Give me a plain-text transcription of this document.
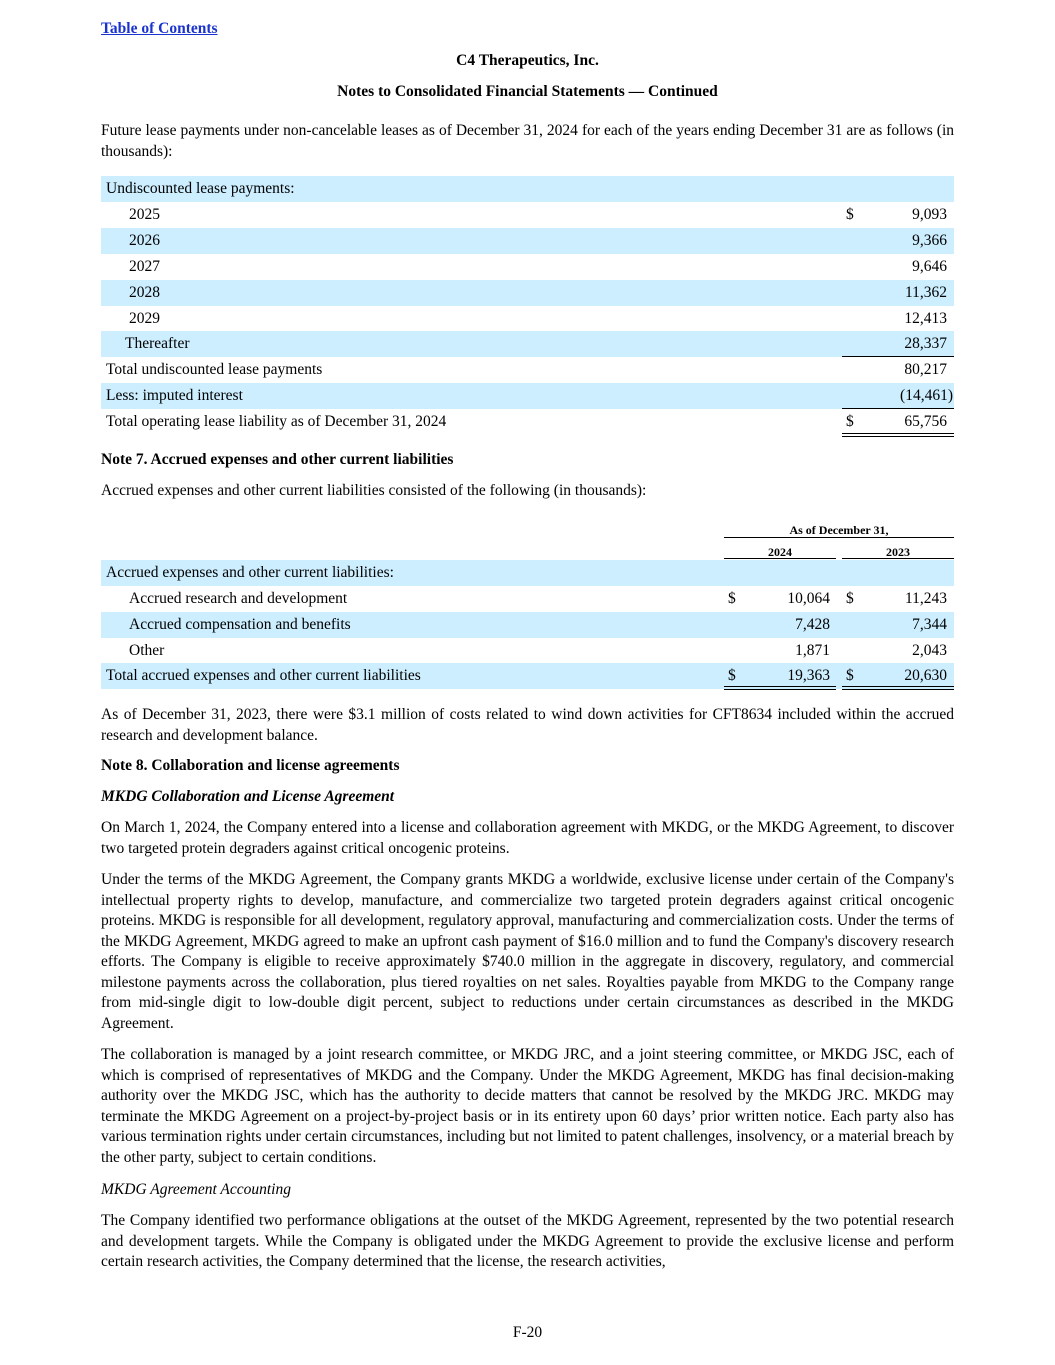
Table of Contents
C4 Therapeutics, Inc.
Notes to Consolidated Financial Statements — Continued

Future lease payments under non-cancelable leases as of December 31, 2024 for each of the years ending December 31 are as follows (in thousands):

Undiscounted lease payments:
2025	$	9,093
2026	9,366
2027	9,646
2028	11,362
2029	12,413
Thereafter	28,337
Total undiscounted lease payments	80,217
Less: imputed interest	(14,461)
Total operating lease liability as of December 31, 2024	$	65,756

Note 7. Accrued expenses and other current liabilities

Accrued expenses and other current liabilities consisted of the following (in thousands):

As of December 31,
2024	2023
Accrued expenses and other current liabilities:
Accrued research and development	$	10,064 $	11,243
Accrued compensation and benefits	7,428	7,344
Other	1,871	2,043
Total accrued expenses and other current liabilities	$	19,363 $	20,630

As of December 31, 2023, there were $3.1 million of costs related to wind down activities for CFT8634 included within the accrued research and development balance.

Note 8. Collaboration and license agreements

MKDG Collaboration and License Agreement

On March 1, 2024, the Company entered into a license and collaboration agreement with MKDG, or the MKDG Agreement, to discover two targeted protein degraders against critical oncogenic proteins.

Under the terms of the MKDG Agreement, the Company grants MKDG a worldwide, exclusive license under certain of the Company's intellectual property rights to develop, manufacture, and commercialize two targeted protein degraders against critical oncogenic proteins. MKDG is responsible for all development, regulatory approval, manufacturing and commercialization costs. Under the terms of the MKDG Agreement, MKDG agreed to make an upfront cash payment of $16.0 million and to fund the Company's discovery research efforts. The Company is eligible to receive approximately $740.0 million in the aggregate in discovery, regulatory, and commercial milestone payments across the collaboration, plus tiered royalties on net sales. Royalties payable from MKDG to the Company range from mid-single digit to low-double digit percent, subject to reductions under certain circumstances as described in the MKDG Agreement.

The collaboration is managed by a joint research committee, or MKDG JRC, and a joint steering committee, or MKDG JSC, each of which is comprised of representatives of MKDG and the Company. Under the MKDG Agreement, MKDG has final decision-making authority over the MKDG JSC, which has the authority to decide matters that cannot be resolved by the MKDG JRC. MKDG may terminate the MKDG Agreement on a project-by-project basis or in its entirety upon 60 days’ prior written notice. Each party also has various termination rights under certain circumstances, including but not limited to patent challenges, insolvency, or a material breach by the other party, subject to certain conditions.

MKDG Agreement Accounting

The Company identified two performance obligations at the outset of the MKDG Agreement, represented by the two potential research and development targets. While the Company is obligated under the MKDG Agreement to provide the exclusive license and perform certain research activities, the Company determined that the license, the research activities,

F-20
